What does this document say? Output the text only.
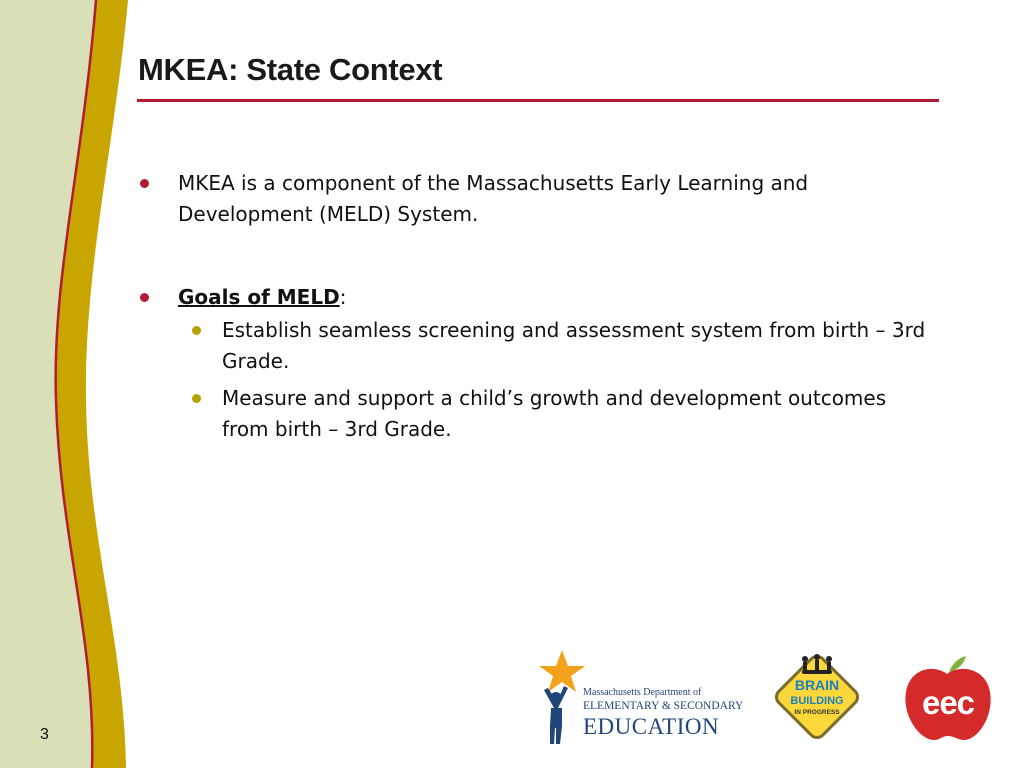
MKEA: State Context

MKEA is a component of the Massachusetts Early Learning and Development (MELD) System.

Goals of MELD:
Establish seamless screening and assessment system from birth – 3rd Grade.
Measure and support a child’s growth and development outcomes from birth – 3rd Grade.
3
Massachusetts Department of
ELEMENTARY & SECONDARY
EDUCATION
BRAIN
BUILDING
IN PROGRESS eec
